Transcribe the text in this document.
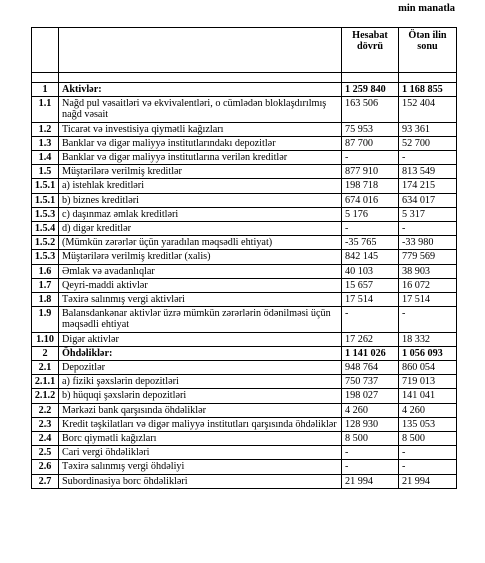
min manatla
		Hesabat dövrü	Ötən ilin sonu

1	Aktivlər:	1 259 840	1 168 855
1.1	Nağd pul vəsaitləri və ekvivalentləri, o cümlədən bloklaşdırılmış nağd vəsait	163 506	152 404
1.2	Ticarət və investisiya qiymətli kağızları	75 953	93 361
1.3	Banklar və digər maliyyə institutlarındakı depozitlər	87 700	52 700
1.4	Banklar və digər maliyyə institutlarına verilən kreditlər	-	-
1.5	Müştərilərə verilmiş kreditlər	877 910	813 549
1.5.1	a) istehlak kreditləri	198 718	174 215
1.5.1	b) biznes kreditləri	674 016	634 017
1.5.3	c) daşınmaz əmlak kreditləri	5 176	5 317
1.5.4	d) digər kreditlər	-	-
1.5.2	(Mümkün zərərlər üçün yaradılan məqsədli ehtiyat)	-35 765	-33 980
1.5.3	Müştərilərə verilmiş kreditlər (xalis)	842 145	779 569
1.6	Əmlak və avadanlıqlar	40 103	38 903
1.7	Qeyri-maddi aktivlər	15 657	16 072
1.8	Təxirə salınmış vergi aktivləri	17 514	17 514
1.9	Balansdankənar aktivlər üzrə mümkün zərərlərin ödənilməsi üçün məqsədli ehtiyat	-	-
1.10	Digər aktivlər	17 262	18 332
2	Öhdəliklər:	1 141 026	1 056 093
2.1	Depozitlər	948 764	860 054
2.1.1	a) fiziki şəxslərin depozitləri	750 737	719 013
2.1.2	b) hüquqi şəxslərin depozitləri	198 027	141 041
2.2	Mərkəzi bank qarşısında öhdəliklər	4 260	4 260
2.3	Kredit təşkilatları və digər maliyyə institutları qarşısında öhdəliklər	128 930	135 053
2.4	Borc qiymətli kağızları	8 500	8 500
2.5	Cari vergi öhdəlikləri	-	-
2.6	Təxirə salınmış vergi öhdəliyi	-	-
2.7	Subordinasiya borc öhdəlikləri	21 994	21 994
